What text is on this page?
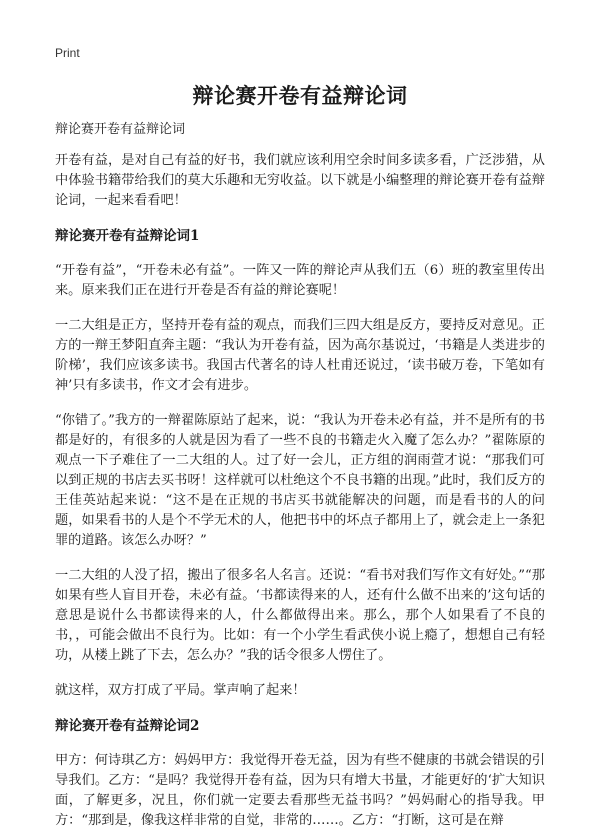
Print
辩论赛开卷有益辩论词
辩论赛开卷有益辩论词

开卷有益，是对自己有益的好书，我们就应该利用空余时间多读多看，广泛涉猎，从中体验书籍带给我们的莫大乐趣和无穷收益。以下就是小编整理的辩论赛开卷有益辩论词，一起来看看吧！

辩论赛开卷有益辩论词1

“开卷有益”，“开卷未必有益”。一阵又一阵的辩论声从我们五（6）班的教室里传出来。原来我们正在进行开卷是否有益的辩论赛呢！

一二大组是正方，坚持开卷有益的观点，而我们三四大组是反方，要持反对意见。正方的一辩王梦阳直奔主题：“我认为开卷有益，因为高尔基说过，‘书籍是人类进步的阶梯’，我们应该多读书。我国古代著名的诗人杜甫还说过，‘读书破万卷，下笔如有神’只有多读书，作文才会有进步。

“你错了。”我方的一辩翟陈原站了起来，说：“我认为开卷未必有益，并不是所有的书都是好的，有很多的人就是因为看了一些不良的书籍走火入魔了怎么办？”翟陈原的观点一下子难住了一二大组的人。过了好一会儿，正方组的润雨萱才说：“那我们可以到正规的书店去买书呀！这样就可以杜绝这个不良书籍的出现。”此时，我们反方的王佳英站起来说：“这不是在正规的书店买书就能解决的问题，而是看书的人的问题，如果看书的人是个不学无术的人，他把书中的坏点子都用上了，就会走上一条犯罪的道路。该怎么办呀？”

一二大组的人没了招，搬出了很多名人名言。还说：“看书对我们写作文有好处。”“那如果有些人盲目开卷，未必有益。‘书都读得来的人，还有什么做不出来的’这句话的意思是说什么书都读得来的人，什么都做得出来。那么，那个人如果看了不良的书，，可能会做出不良行为。比如：有一个小学生看武侠小说上瘾了，想想自己有轻功，从楼上跳了下去，怎么办？”我的话令很多人愣住了。

就这样，双方打成了平局。掌声响了起来！

辩论赛开卷有益辩论词2

甲方：何诗琪乙方：妈妈甲方：我觉得开卷无益，因为有些不健康的书就会错误的引导我们。乙方：“是吗？我觉得开卷有益，因为只有增大书量，才能更好的‘扩大知识面，了解更多，况且，你们就一定要去看那些无益书吗？”妈妈耐心的指导我。甲方：“那到是，像我这样非常的自觉，非常的……。乙方：“打断，这可是在辩
